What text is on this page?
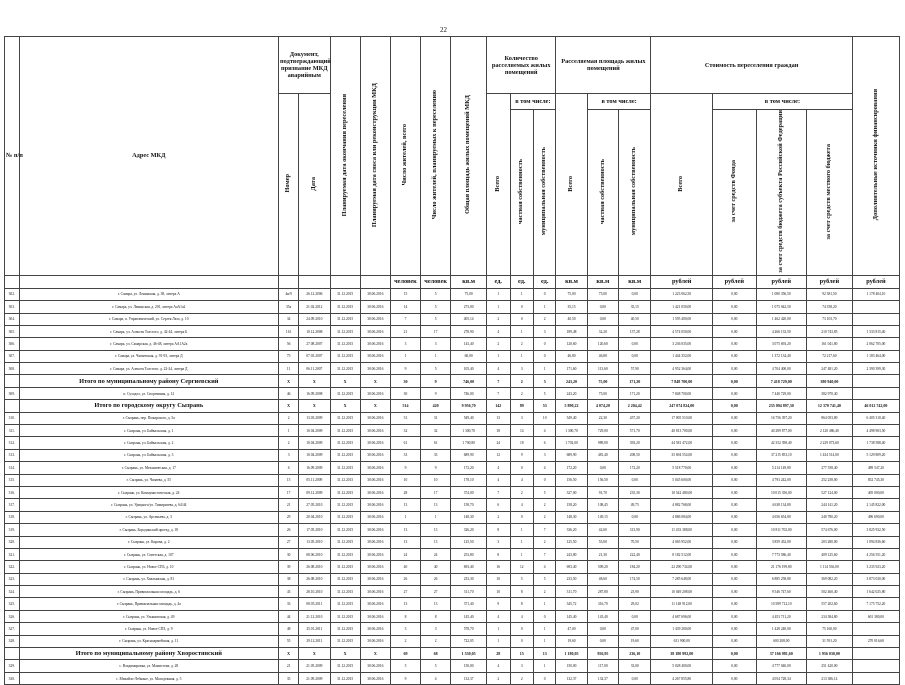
22
№ п/п	Адрес МКД	Документ, подтверждающий признание МКД аварийным		Планируемая дата окончания переселения	Планируемая дата сноса или реконструкции МКД	Число жителей, всего	Число жителей, планируемых к переселению	Общая площадь жилых помещений МКД	Количество расселяемых жилых помещений			Расселяемая площадь жилых помещений			Стоимость переселения граждан				Дополнительные источники финансирования
		Номер	Дата						Всего	в том числе:		Всего	в том числе:		Всего	в том числе:			
										частная собственность	муниципальная собственность		частная собственность	муниципальная собственность		за счет средств Фонда	за счет средств бюджета субъекта Российской Федерации	за счет средств местного бюджета	
						человек	человек	кв.м	ед.	ед.	ед.	кв.м	кв.м	кв.м	рублей	рублей	рублей	рублей	рублей
302.	г. Самара, ул. Ленинская, д. 38, литера А	4н/9	26.12.2006	31.12.2015	30.06.2016	15	5	75,00	1	1	0	75,00	75,00	0,00	1 223 062,50	0,00	1 080 356,50	92 381,50	1 178 404,10
303.	г. Самара, ул. Ленинская, д. 201, литера АаА1а2	35а	21.02.2012	31.12.2015	30.06.2016	14	5	273,00	1	0	1	35,15	0,00	35,15	1 421 050,00	0,00	1 075 042,50	74 358,20	
304.	г. Самара, п. Управленческий, ул. Сергея Лазо, д. 10	34	24.09.2010	31.12.2015	30.06.2016	7	5	405,14	2	0	2	40,50	0,00	40,50	1 595 400,00	0,00	1 462 420,00	73 103,70	
305.	г. Самара, ул. Алексея Толстого, д. 42-44, литера Б	161	10.12.2008	31.12.2015	30.06.2016	21	17	278,90	4	1	3	189,48	32,20	157,28	4 574 050,00	0,00	4 266 133,50	210 743,85	1 333 815,40
306.	г. Самара, ул. Самарская, д. 46-48, литера АА1А2а	56	27.08.2007	31.12.2015	30.06.2016	3	3	143,40	2	2	0	120,60	120,60	0,00	3 236 035,00	0,00	3 075 693,20	161 041,80	2 062 705,00
307.	г. Самара, ул. Чапаевская, д. 91-93, литера Д	75	07.03.2007	31.12.2015	30.06.2016	1	1	60,00	1	1	0	46,80	46,80	0,00	1 444 352,00	0,00	1 372 134,40	72 217,60	1 183 464,00
308.	г. Самара, ул. Алексея Толстого, д. 22-24, литера Д	11	06.11.2007	31.12.2015	30.06.2016	9	5	105,40	4	3	1	171,60	113,60	57,90	4 952 364,00	0,00	4 704 400,00	247 481,20	2 390 399,30
	Итого по муниципальному району Сергиевский	X	X	X	X	30	9	746,00	7	2	5	243,20	75,00	171,20	7 848 700,00	0,00	7 418 729,00	380 940,00	
309.	п. Суходол, ул. Спортивная, д. 12	46	16.09.2008	31.12.2015	30.06.2016	30	9	746,00	7	2	5	243,20	75,00	171,20	7 848 700,00	0,00	7 440 729,00	382 970,40	
	Итого по городскому округу Сызрань	X	X	X	X	514	420	9 956,70	142	89	53	5 890,22	4 074,20	2 204,42	247 074 824,00	0,00	235 094 897,30	12 370 741,40	46 012 742,00
310.	г. Сызрань, пер. Пожарского, д. 5а	2	13.03.2009	31.12.2015	30.06.2016	31	31	549,40	13	3	10	549,40	22,30	457,20	17 005 510,00	0,00	16 756 397,20	864 053,80	6 405 310,40
311.	г. Сызрань, ул. Байкальская, д. 1	1	10.04.2009	31.12.2015	30.06.2016	32	32	1 300,70	18	14	4	1 300,70	729,00	571,70	40 813 700,00	0,00	40 289 877,00	2 120 486,40	4 498 903,50
312.	г. Сызрань, ул. Байкальская, д. 2	2	10.04.2009	31.12.2015	30.06.2016	61	61	1 700,80	24	18	6	1 702,00	989,00	393,20	44 581 472,00	0,00	42 352 398,40	2 229 073,60	1 738 588,40
313.	г. Сызрань, ул. Байкальская, д. 3	3	10.04.2009	31.12.2015	30.06.2016	33	33	689,90	12	9	3	689,90	481,40	208,50	35 694 554,00	0,00	37 215 853,10	1 434 514,00	5 129 809,20
314.	г. Сызрань, ул. Механическая, д. 17	6	16.09.2009	31.12.2015	30.06.2016	9	9	172,20	4	0	4	172,20	0,00	172,20	5 518 770,00	0,00	5 214 149,80	277 558,40	489 547,20
315.	г. Сызрань, ул. Чапаева, д. 55	15	05.11.2009	31.12.2015	30.06.2016	10	10	178,10	4	4	0	156,50	156,50	0,00	5 045 600,00	0,00	4 793 242,00	252 258,00	852 745,30
316.	г. Сызрань, ул. Коммунистическая, д. 24	17	09.12.2009	31.12.2015	30.06.2016	28	17	374,00	7	2	5	327,00	91,70	235,30	10 542 480,00	0,00	10 015 356,00	527 124,00	405 000,00
317.	г. Сызрань, ул. Урицкого/ул. Тимирязева, д. 64/44	21	27.05.2010	31.12.2015	30.06.2016	13	13	158,70	6	4	2	158,20	108,45	49,75	4 882 768,00	0,00	4 638 134,80	244 141,20	2 145 822,00
318.	г. Сызрань, ул. Арсеньева, д. 3	29	20.04.2010	31.12.2015	30.06.2016	1	1	148,30	2	0	2	148,30	149,15	0,00	4 886 084,00	0,00	4 656 654,80	240 780,20	496 690,00
319.	г. Сызрань, Бородинский проезд, д. 18	26	17.05.2010	31.12.2015	30.06.2016	13	13	326,20	8	1	7	336,20	42,60	313,90	11 433 388,00	0,00	10 811 702,00	574 676,00	3 825 932,50
320.	г. Сызрань, ул. Кирова, д. 2	27	13.05.2010	31.12.2015	30.06.2016	13	13	125,50	3	1	2	125,50	55,00	70,50	4 065 952,00	0,00	3 859 452,00	203 280,00	1 094 836,60
321.	г. Сызрань, ул. Советская, д. 107	30	08.06.2010	31.12.2015	30.06.2016	24	24	253,80	8	1	7	243,80	21,30	222,40	8 182 512,00	0,00	7 773 586,40	409 125,60	4 256 551,20
322.	г. Сызрань, ул. Новое СПЗ, д. 10	39	26.08.2010	31.12.2015	30.06.2016	40	40	693,40	16	12	4	693,40	509,20	184,20	22 290 734,00	0,00	21 176 199,80	1 114 536,00	3 235 923,20
323.	г. Сызрань, ул. Хвалынская, д. 81	38	26.08.2010	31.12.2015	30.06.2016	26	26	233,30	10	5	5	233,50	48,60	174,50	7 285 648,00	0,00	6 885 258,80	369 082,20	3 873 030,00
324.	г. Сызрань, Привокзальная площадь, д. 6	43	28.10.2010	31.12.2015	30.06.2016	27	27	311,70	10	8	2	311,70	287,80	23,90	10 049 208,00	0,00	9 546 747,60	502 460,40	1 642 025,80
325.	г. Сызрань, Привокзальная площадь, д. 4а	33	08.05.2011	31.12.2015	30.06.2016	13	13	371,40	9	8	1	345,72	316,70	29,02	11 148 912,00	0,00	10 589 712,10	557 202,60	7 175 752,20
326.	г. Сызрань, ул. Ульяновская, д. 49	44	21.12.2010	31.12.2015	30.06.2016	8	8	145,40	4	4	0	145,40	145,40	0,00	4 687 696,00	0,00	4 453 711,20	234 384,80	601 380,00
327.	г. Сызрань, ул. Новое СПЗ, д. 9	48	25.01.2011	31.12.2015	30.06.2016	3	3	578,70	1	0	1	47,00	0,00	47,00	1 439 200,00	0,00	1 428 240,00	75 160,00	
328.	г. Сызрань, ул. Красноармейская, д. 11	55	29.12.2011	31.12.2015	30.06.2016	2	2	722,05	1	0	1	19,60	0,00	19,60	631 900,00	0,00	600 208,00	31 591,20	270 016,60
	Итого по муниципальному району Хворостянский	X	X	X	X	69	68	1 530,05	28	15	13	1 180,05	956,95	236,10	38 180 992,00	0,00	37 166 981,60	1 956 030,00	
329.	с. Владимировка, ул. Мамистова, д. 28	21	21.05.2009	31.12.2015	30.06.2016	5	5	150,00	4	3	1	150,00	117,00	33,00	5 028 400,00	0,00	4 777 040,00	251 420,00	
330.	с. Михайло-Лебяжье, ул. Молодежная, д. 5	35	21.09.2009	31.12.2015	30.06.2016	9	4	132,37	2	2	0	132,37	132,37	0,00	4 267 855,80	0,00	4 054 728,34	213 386,14	
